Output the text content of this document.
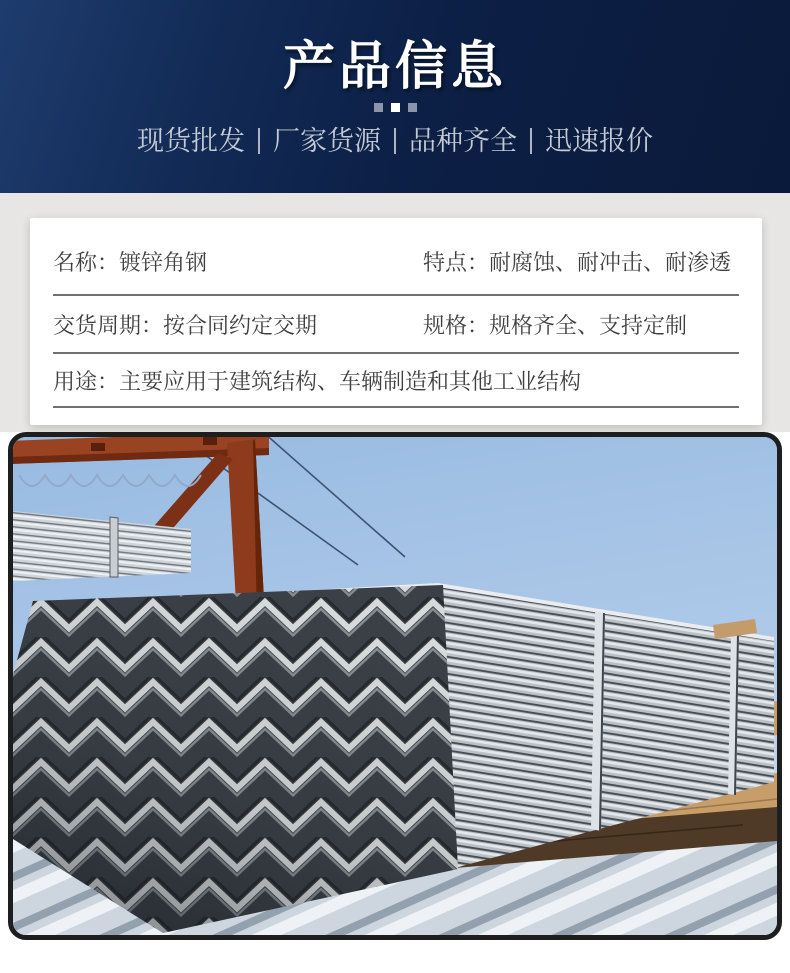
产品信息
现货批发 厂家货源 品种齐全 迅速报价
名称：镀锌角钢	特点：耐腐蚀、耐冲击、耐渗透
交货周期：按合同约定交期	规格：规格齐全、支持定制
用途：主要应用于建筑结构、车辆制造和其他工业结构
